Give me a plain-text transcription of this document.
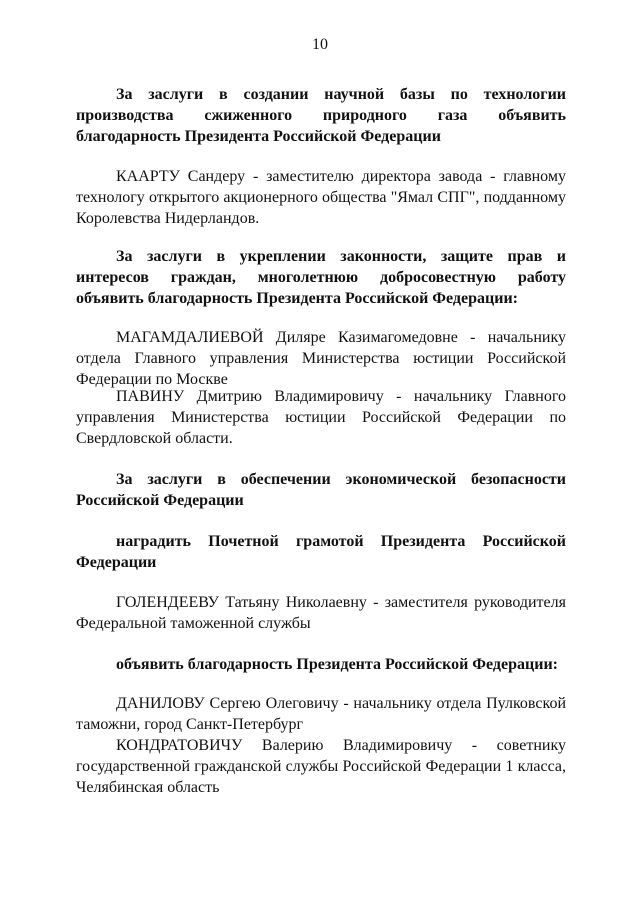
10

За заслуги в создании научной базы по технологии производства сжиженного природного газа объявить благодарность Президента Российской Федерации

КААРТУ Сандеру - заместителю директора завода - главному технологу открытого акционерного общества "Ямал СПГ", подданному Королевства Нидерландов.

За заслуги в укреплении законности, защите прав и интересов граждан, многолетнюю добросовестную работу объявить благодарность Президента Российской Федерации:

МАГАМДАЛИЕВОЙ Диляре Казимагомедовне - начальнику отдела Главного управления Министерства юстиции Российской Федерации по Москве

ПАВИНУ Дмитрию Владимировичу - начальнику Главного управления Министерства юстиции Российской Федерации по Свердловской области.

За заслуги в обеспечении экономической безопасности Российской Федерации

наградить Почетной грамотой Президента Российской Федерации

ГОЛЕНДЕЕВУ Татьяну Николаевну - заместителя руководителя Федеральной таможенной службы

объявить благодарность Президента Российской Федерации:

ДАНИЛОВУ Сергею Олеговичу - начальнику отдела Пулковской таможни, город Санкт-Петербург

КОНДРАТОВИЧУ Валерию Владимировичу - советнику государственной гражданской службы Российской Федерации 1 класса, Челябинская область
